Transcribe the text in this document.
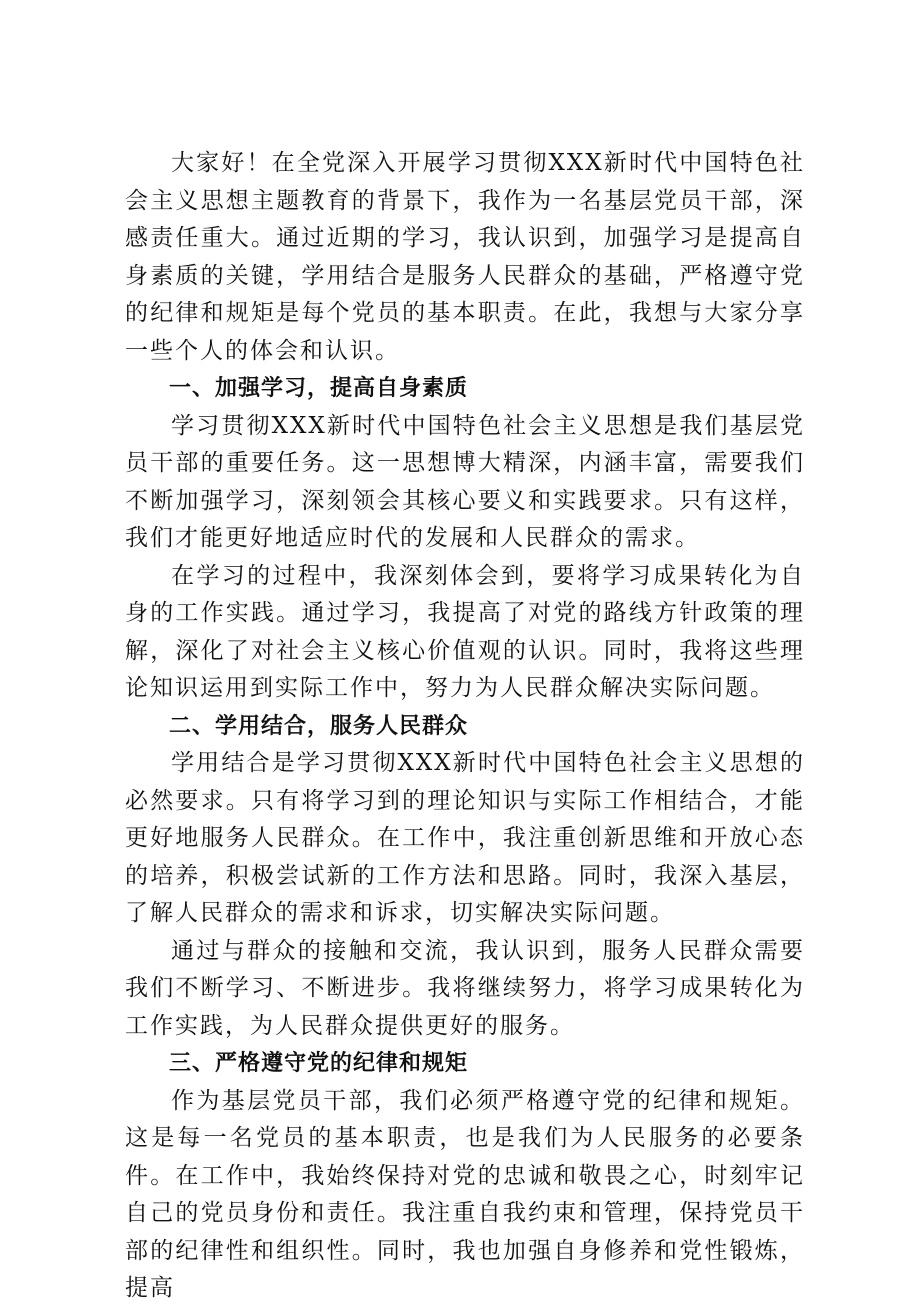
大家好！在全党深入开展学习贯彻XXX新时代中国特色社会主义思想主题教育的背景下，我作为一名基层党员干部，深感责任重大。通过近期的学习，我认识到，加强学习是提高自身素质的关键，学用结合是服务人民群众的基础，严格遵守党的纪律和规矩是每个党员的基本职责。在此，我想与大家分享一些个人的体会和认识。

一、加强学习，提高自身素质

学习贯彻XXX新时代中国特色社会主义思想是我们基层党员干部的重要任务。这一思想博大精深，内涵丰富，需要我们不断加强学习，深刻领会其核心要义和实践要求。只有这样，我们才能更好地适应时代的发展和人民群众的需求。

在学习的过程中，我深刻体会到，要将学习成果转化为自身的工作实践。通过学习，我提高了对党的路线方针政策的理解，深化了对社会主义核心价值观的认识。同时，我将这些理论知识运用到实际工作中，努力为人民群众解决实际问题。

二、学用结合，服务人民群众

学用结合是学习贯彻XXX新时代中国特色社会主义思想的必然要求。只有将学习到的理论知识与实际工作相结合，才能更好地服务人民群众。在工作中，我注重创新思维和开放心态的培养，积极尝试新的工作方法和思路。同时，我深入基层，了解人民群众的需求和诉求，切实解决实际问题。

通过与群众的接触和交流，我认识到，服务人民群众需要我们不断学习、不断进步。我将继续努力，将学习成果转化为工作实践，为人民群众提供更好的服务。

三、严格遵守党的纪律和规矩

作为基层党员干部，我们必须严格遵守党的纪律和规矩。这是每一名党员的基本职责，也是我们为人民服务的必要条件。在工作中，我始终保持对党的忠诚和敬畏之心，时刻牢记自己的党员身份和责任。我注重自我约束和管理，保持党员干部的纪律性和组织性。同时，我也加强自身修养和党性锻炼，提高
